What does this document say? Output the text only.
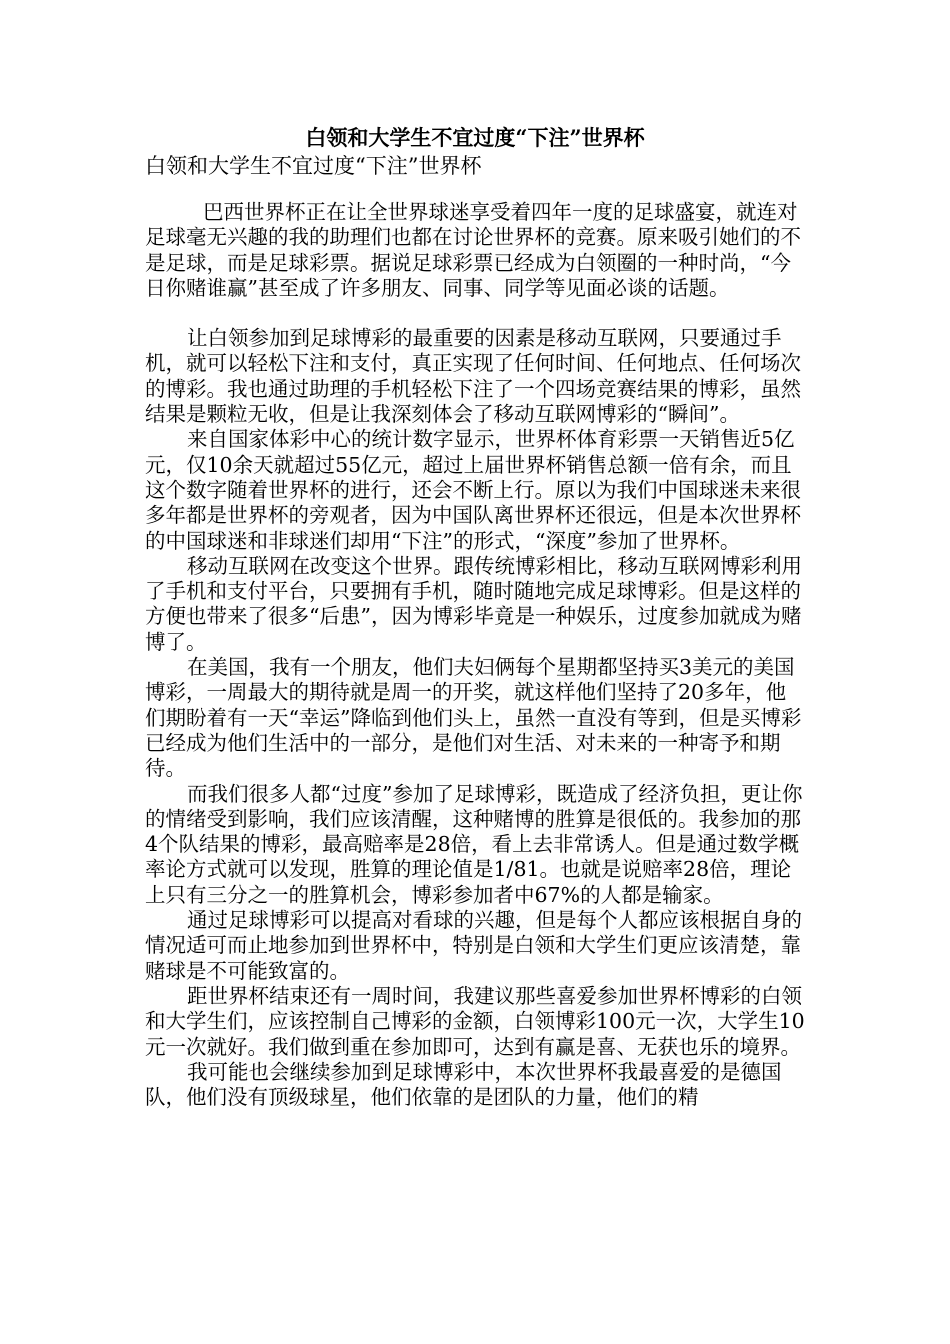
白领和大学生不宜过度“下注”世界杯
白领和大学生不宜过度“下注”世界杯

巴西世界杯正在让全世界球迷享受着四年一度的足球盛宴，就连对足球毫无兴趣的我的助理们也都在讨论世界杯的竞赛。原来吸引她们的不是足球，而是足球彩票。据说足球彩票已经成为白领圈的一种时尚，“今日你赌谁赢”甚至成了许多朋友、同事、同学等见面必谈的话题。

让白领参加到足球博彩的最重要的因素是移动互联网，只要通过手机，就可以轻松下注和支付，真正实现了任何时间、任何地点、任何场次的博彩。我也通过助理的手机轻松下注了一个四场竞赛结果的博彩，虽然结果是颗粒无收，但是让我深刻体会了移动互联网博彩的“瞬间”。

来自国家体彩中心的统计数字显示，世界杯体育彩票一天销售近5亿元，仅10余天就超过55亿元，超过上届世界杯销售总额一倍有余，而且这个数字随着世界杯的进行，还会不断上行。原以为我们中国球迷未来很多年都是世界杯的旁观者，因为中国队离世界杯还很远，但是本次世界杯的中国球迷和非球迷们却用“下注”的形式，“深度”参加了世界杯。

移动互联网在改变这个世界。跟传统博彩相比，移动互联网博彩利用了手机和支付平台，只要拥有手机，随时随地完成足球博彩。但是这样的方便也带来了很多“后患”，因为博彩毕竟是一种娱乐，过度参加就成为赌博了。

在美国，我有一个朋友，他们夫妇俩每个星期都坚持买3美元的美国博彩，一周最大的期待就是周一的开奖，就这样他们坚持了20多年，他们期盼着有一天“幸运”降临到他们头上，虽然一直没有等到，但是买博彩已经成为他们生活中的一部分，是他们对生活、对未来的一种寄予和期待。

而我们很多人都“过度”参加了足球博彩，既造成了经济负担，更让你的情绪受到影响，我们应该清醒，这种赌博的胜算是很低的。我参加的那4个队结果的博彩，最高赔率是28倍，看上去非常诱人。但是通过数学概率论方式就可以发现，胜算的理论值是1/81。也就是说赔率28倍，理论上只有三分之一的胜算机会，博彩参加者中67%的人都是输家。

通过足球博彩可以提高对看球的兴趣，但是每个人都应该根据自身的情况适可而止地参加到世界杯中，特别是白领和大学生们更应该清楚，靠赌球是不可能致富的。

距世界杯结束还有一周时间，我建议那些喜爱参加世界杯博彩的白领和大学生们，应该控制自己博彩的金额，白领博彩100元一次，大学生10元一次就好。我们做到重在参加即可，达到有赢是喜、无获也乐的境界。

我可能也会继续参加到足球博彩中，本次世界杯我最喜爱的是德国队，他们没有顶级球星，他们依靠的是团队的力量，他们的精
